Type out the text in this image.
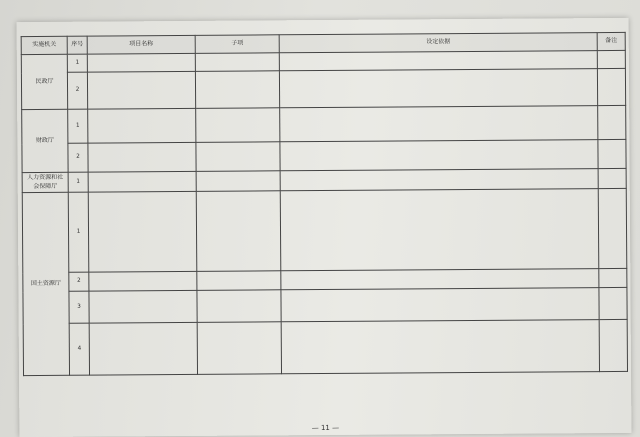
实施机关	序号	项目名称	子项	设定依据	备注
民政厅	1				
	2				
财政厅	1				
	2				
人力资源和社会保障厅	1				
国土资源厅	1				
	2				
	3				
	4				
— 11 —
